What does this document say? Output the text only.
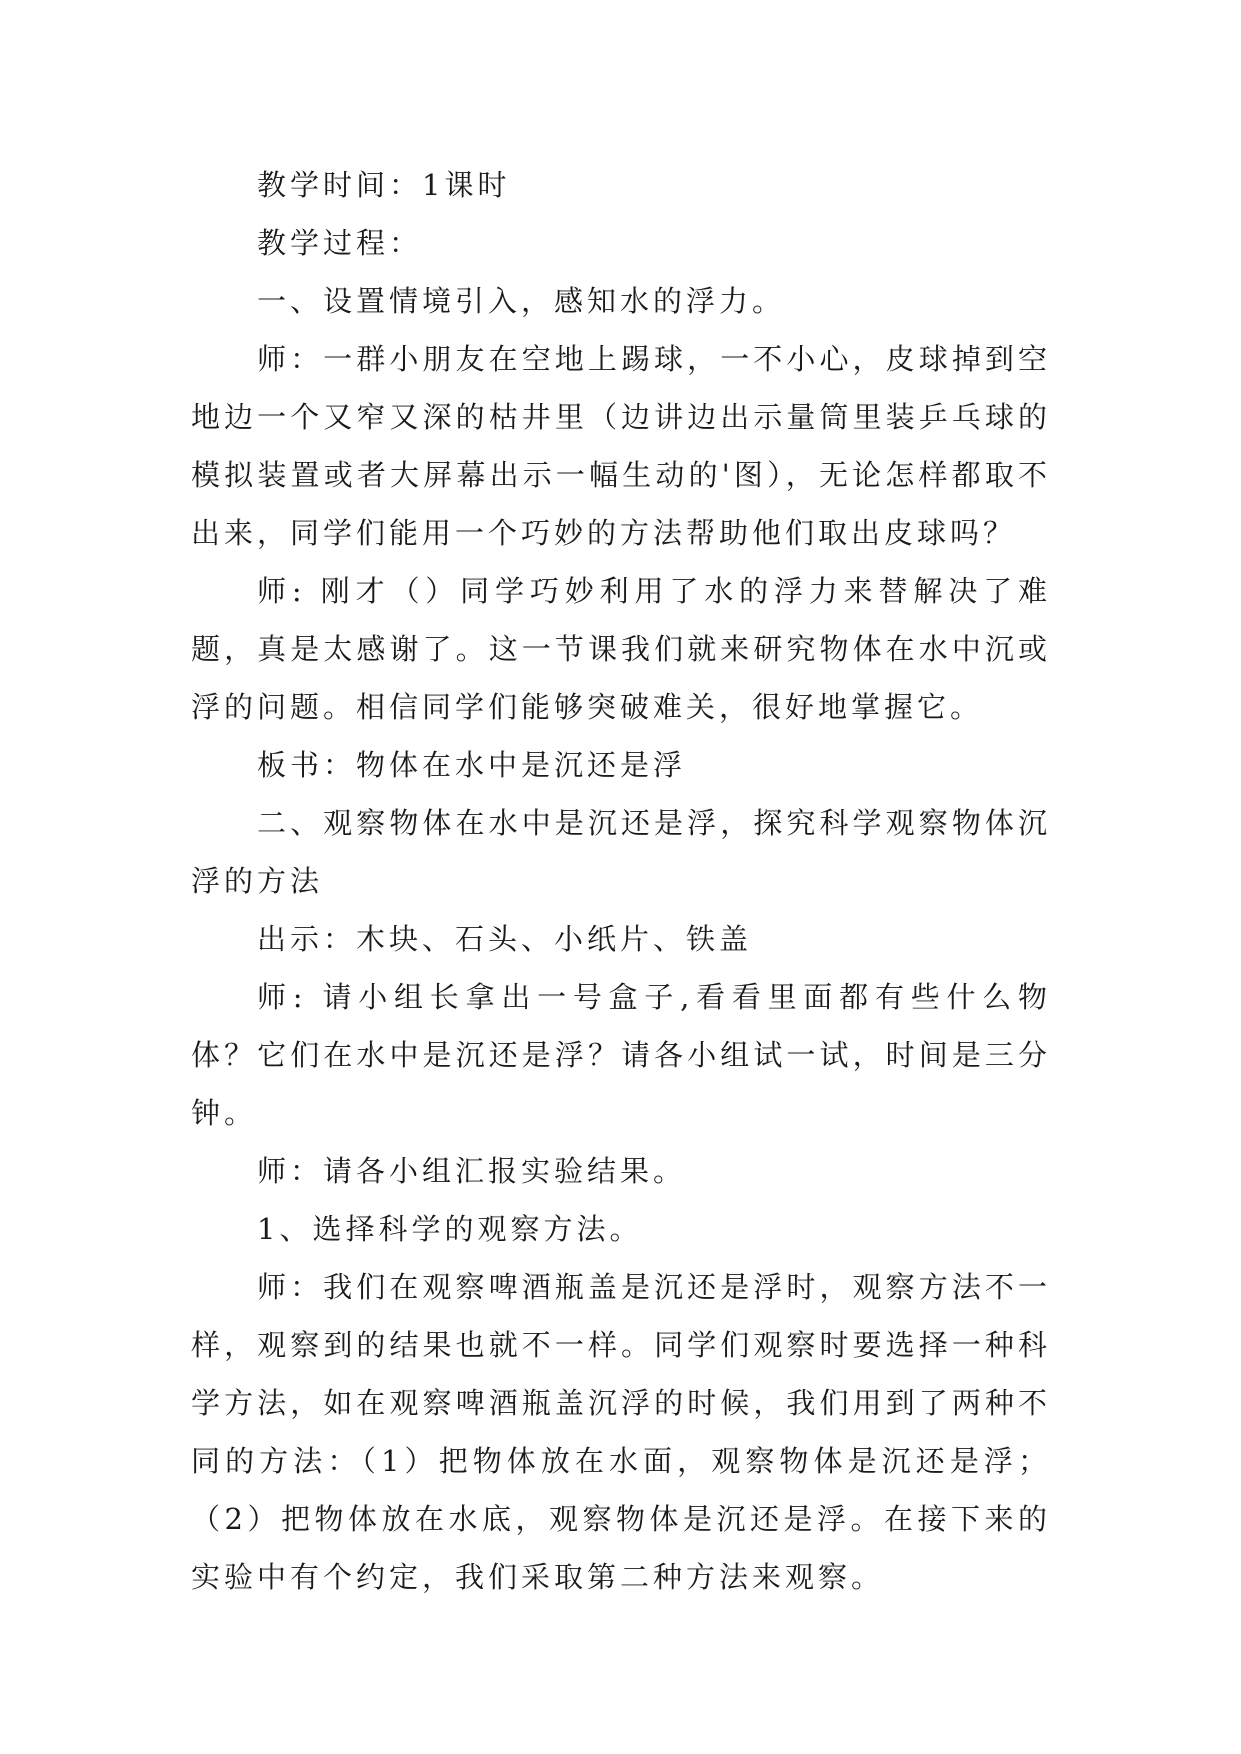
教学时间：1课时

教学过程：

一、设置情境引入，感知水的浮力。

师：一群小朋友在空地上踢球，一不小心，皮球掉到空地边一个又窄又深的枯井里（边讲边出示量筒里装乒乓球的模拟装置或者大屏幕出示一幅生动的'图），无论怎样都取不出来，同学们能用一个巧妙的方法帮助他们取出皮球吗？

师: 刚才（）同学巧妙利用了水的浮力来替解决了难题，真是太感谢了。这一节课我们就来研究物体在水中沉或浮的问题。相信同学们能够突破难关，很好地掌握它。

板书：物体在水中是沉还是浮

二、观察物体在水中是沉还是浮，探究科学观察物体沉浮的方法

出示：木块、石头、小纸片、铁盖

师: 请小组长拿出一号盒子,看看里面都有些什么物体？它们在水中是沉还是浮？请各小组试一试，时间是三分钟。

师：请各小组汇报实验结果。

1、选择科学的观察方法。

师：我们在观察啤酒瓶盖是沉还是浮时，观察方法不一样，观察到的结果也就不一样。同学们观察时要选择一种科学方法，如在观察啤酒瓶盖沉浮的时候，我们用到了两种不同的方法：（1）把物体放在水面，观察物体是沉还是浮；（2）把物体放在水底，观察物体是沉还是浮。在接下来的实验中有个约定，我们采取第二种方法来观察。
